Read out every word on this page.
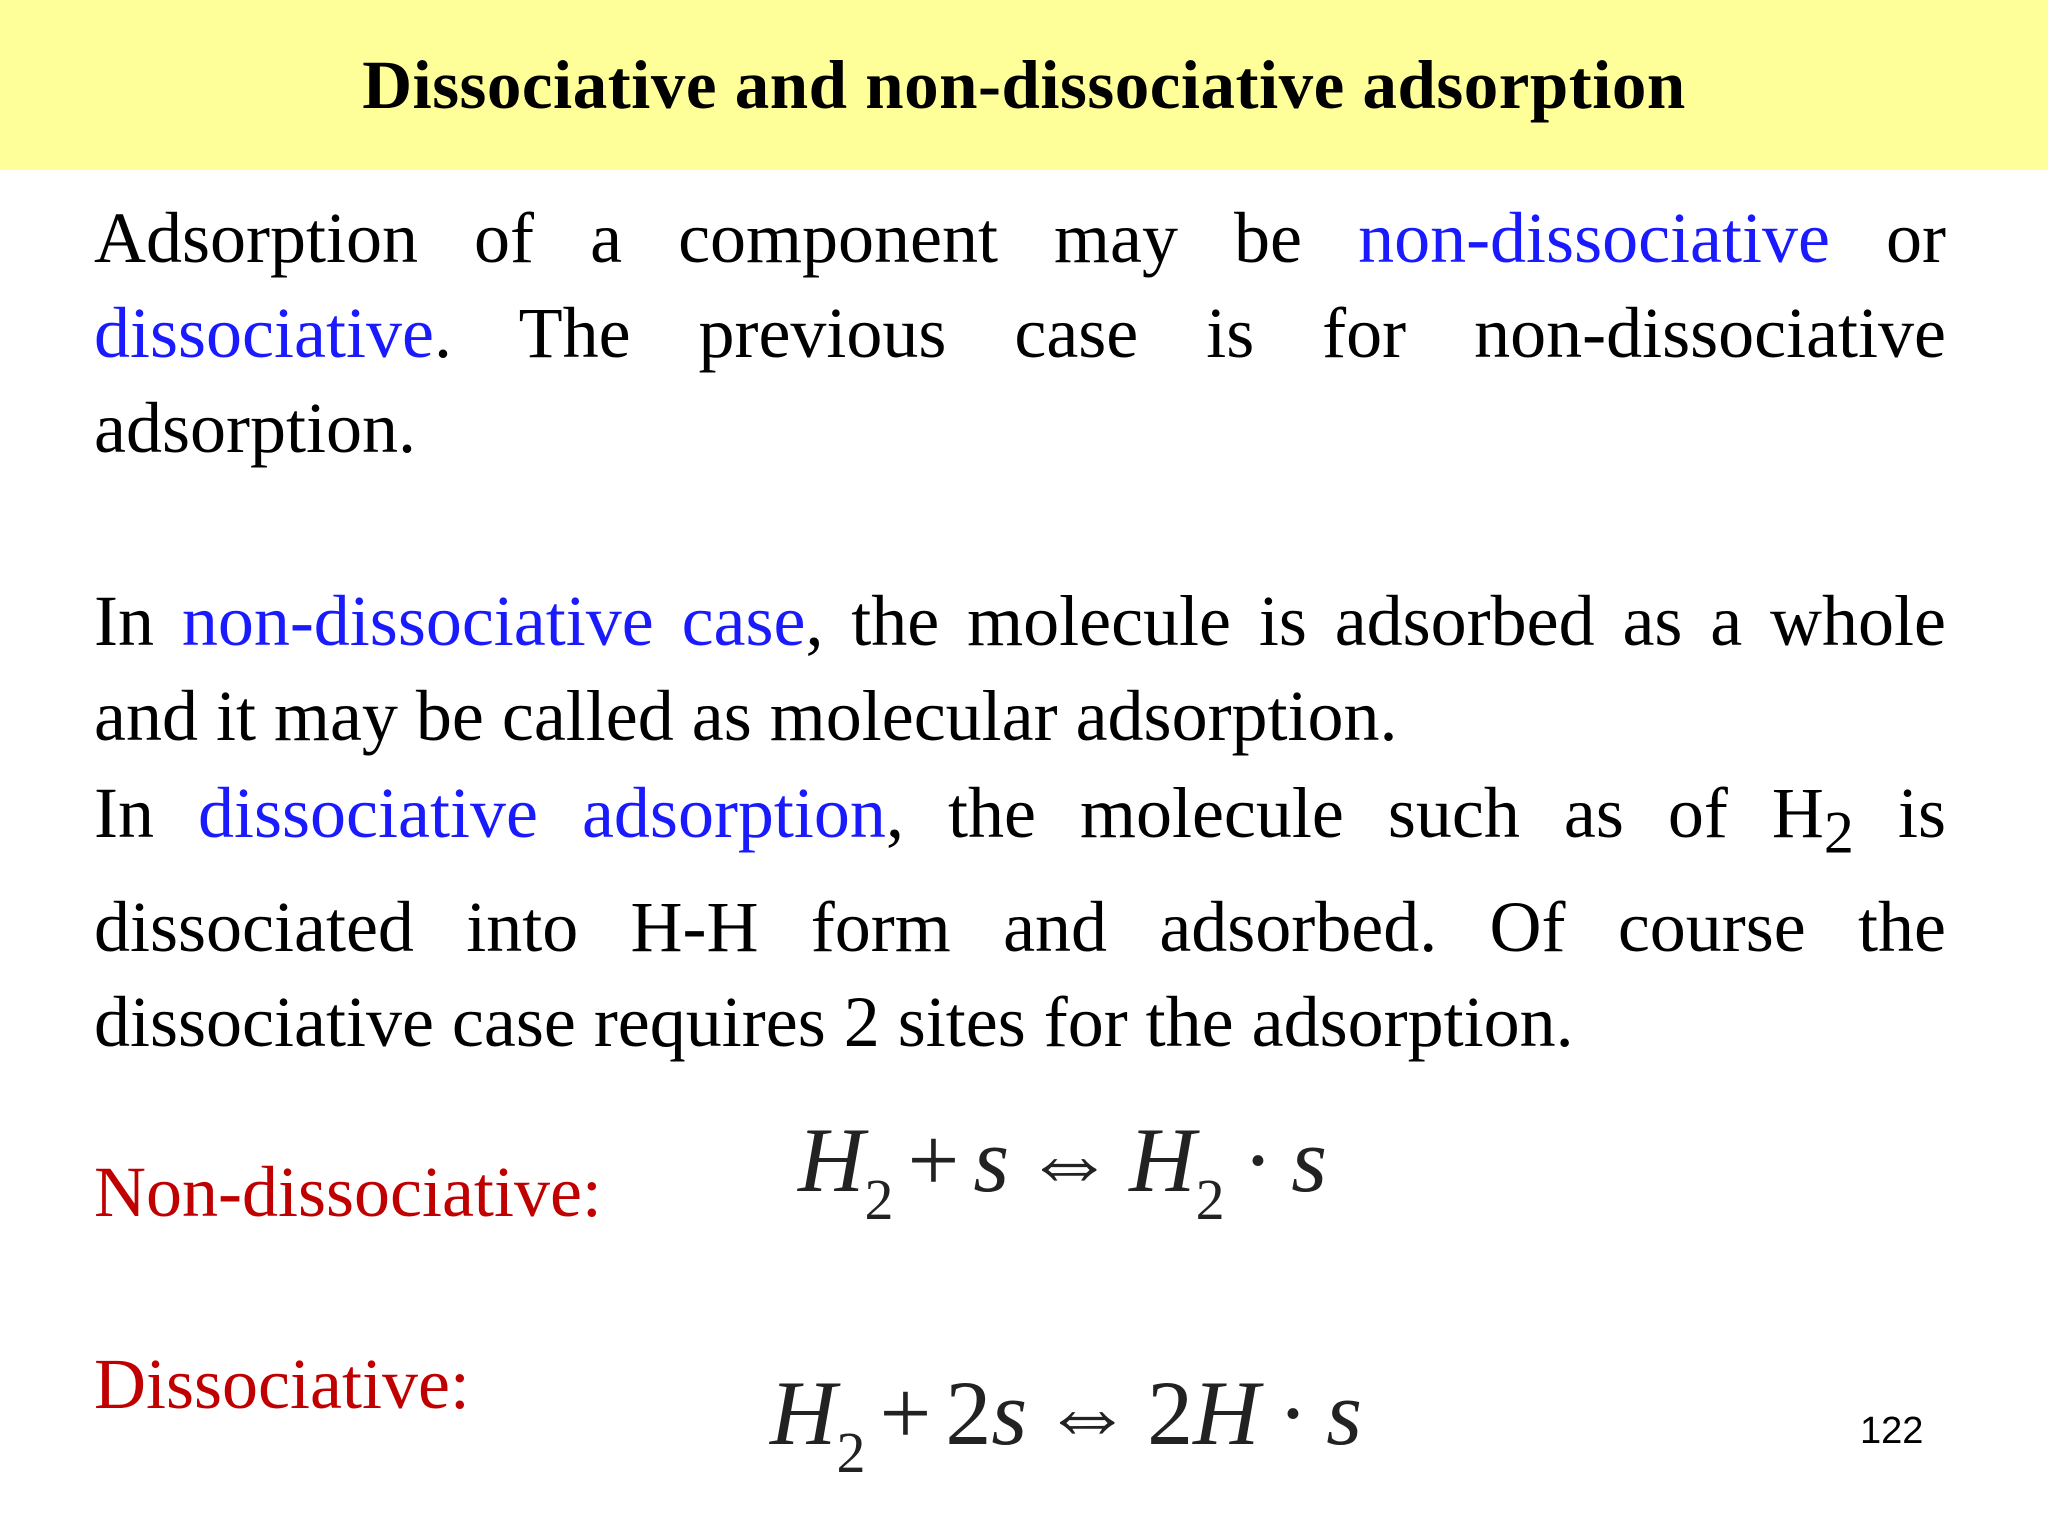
Dissociative and non-dissociative adsorption

Adsorption of a component may be non-dissociative or dissociative. The previous case is for non-dissociative adsorption.

In non-dissociative case, the molecule is adsorbed as a whole and it may be called as molecular adsorption.

In dissociative adsorption, the molecule such as of $H_2$ is dissociated into H-H form and adsorbed. Of course the dissociative case requires 2 sites for the adsorption.

Non-dissociative:
Dissociative:
$H_2 + s$ ⇔ $H_2 \cdot s$
$H_2 + 2s$ ⇔ 2H · s	122
